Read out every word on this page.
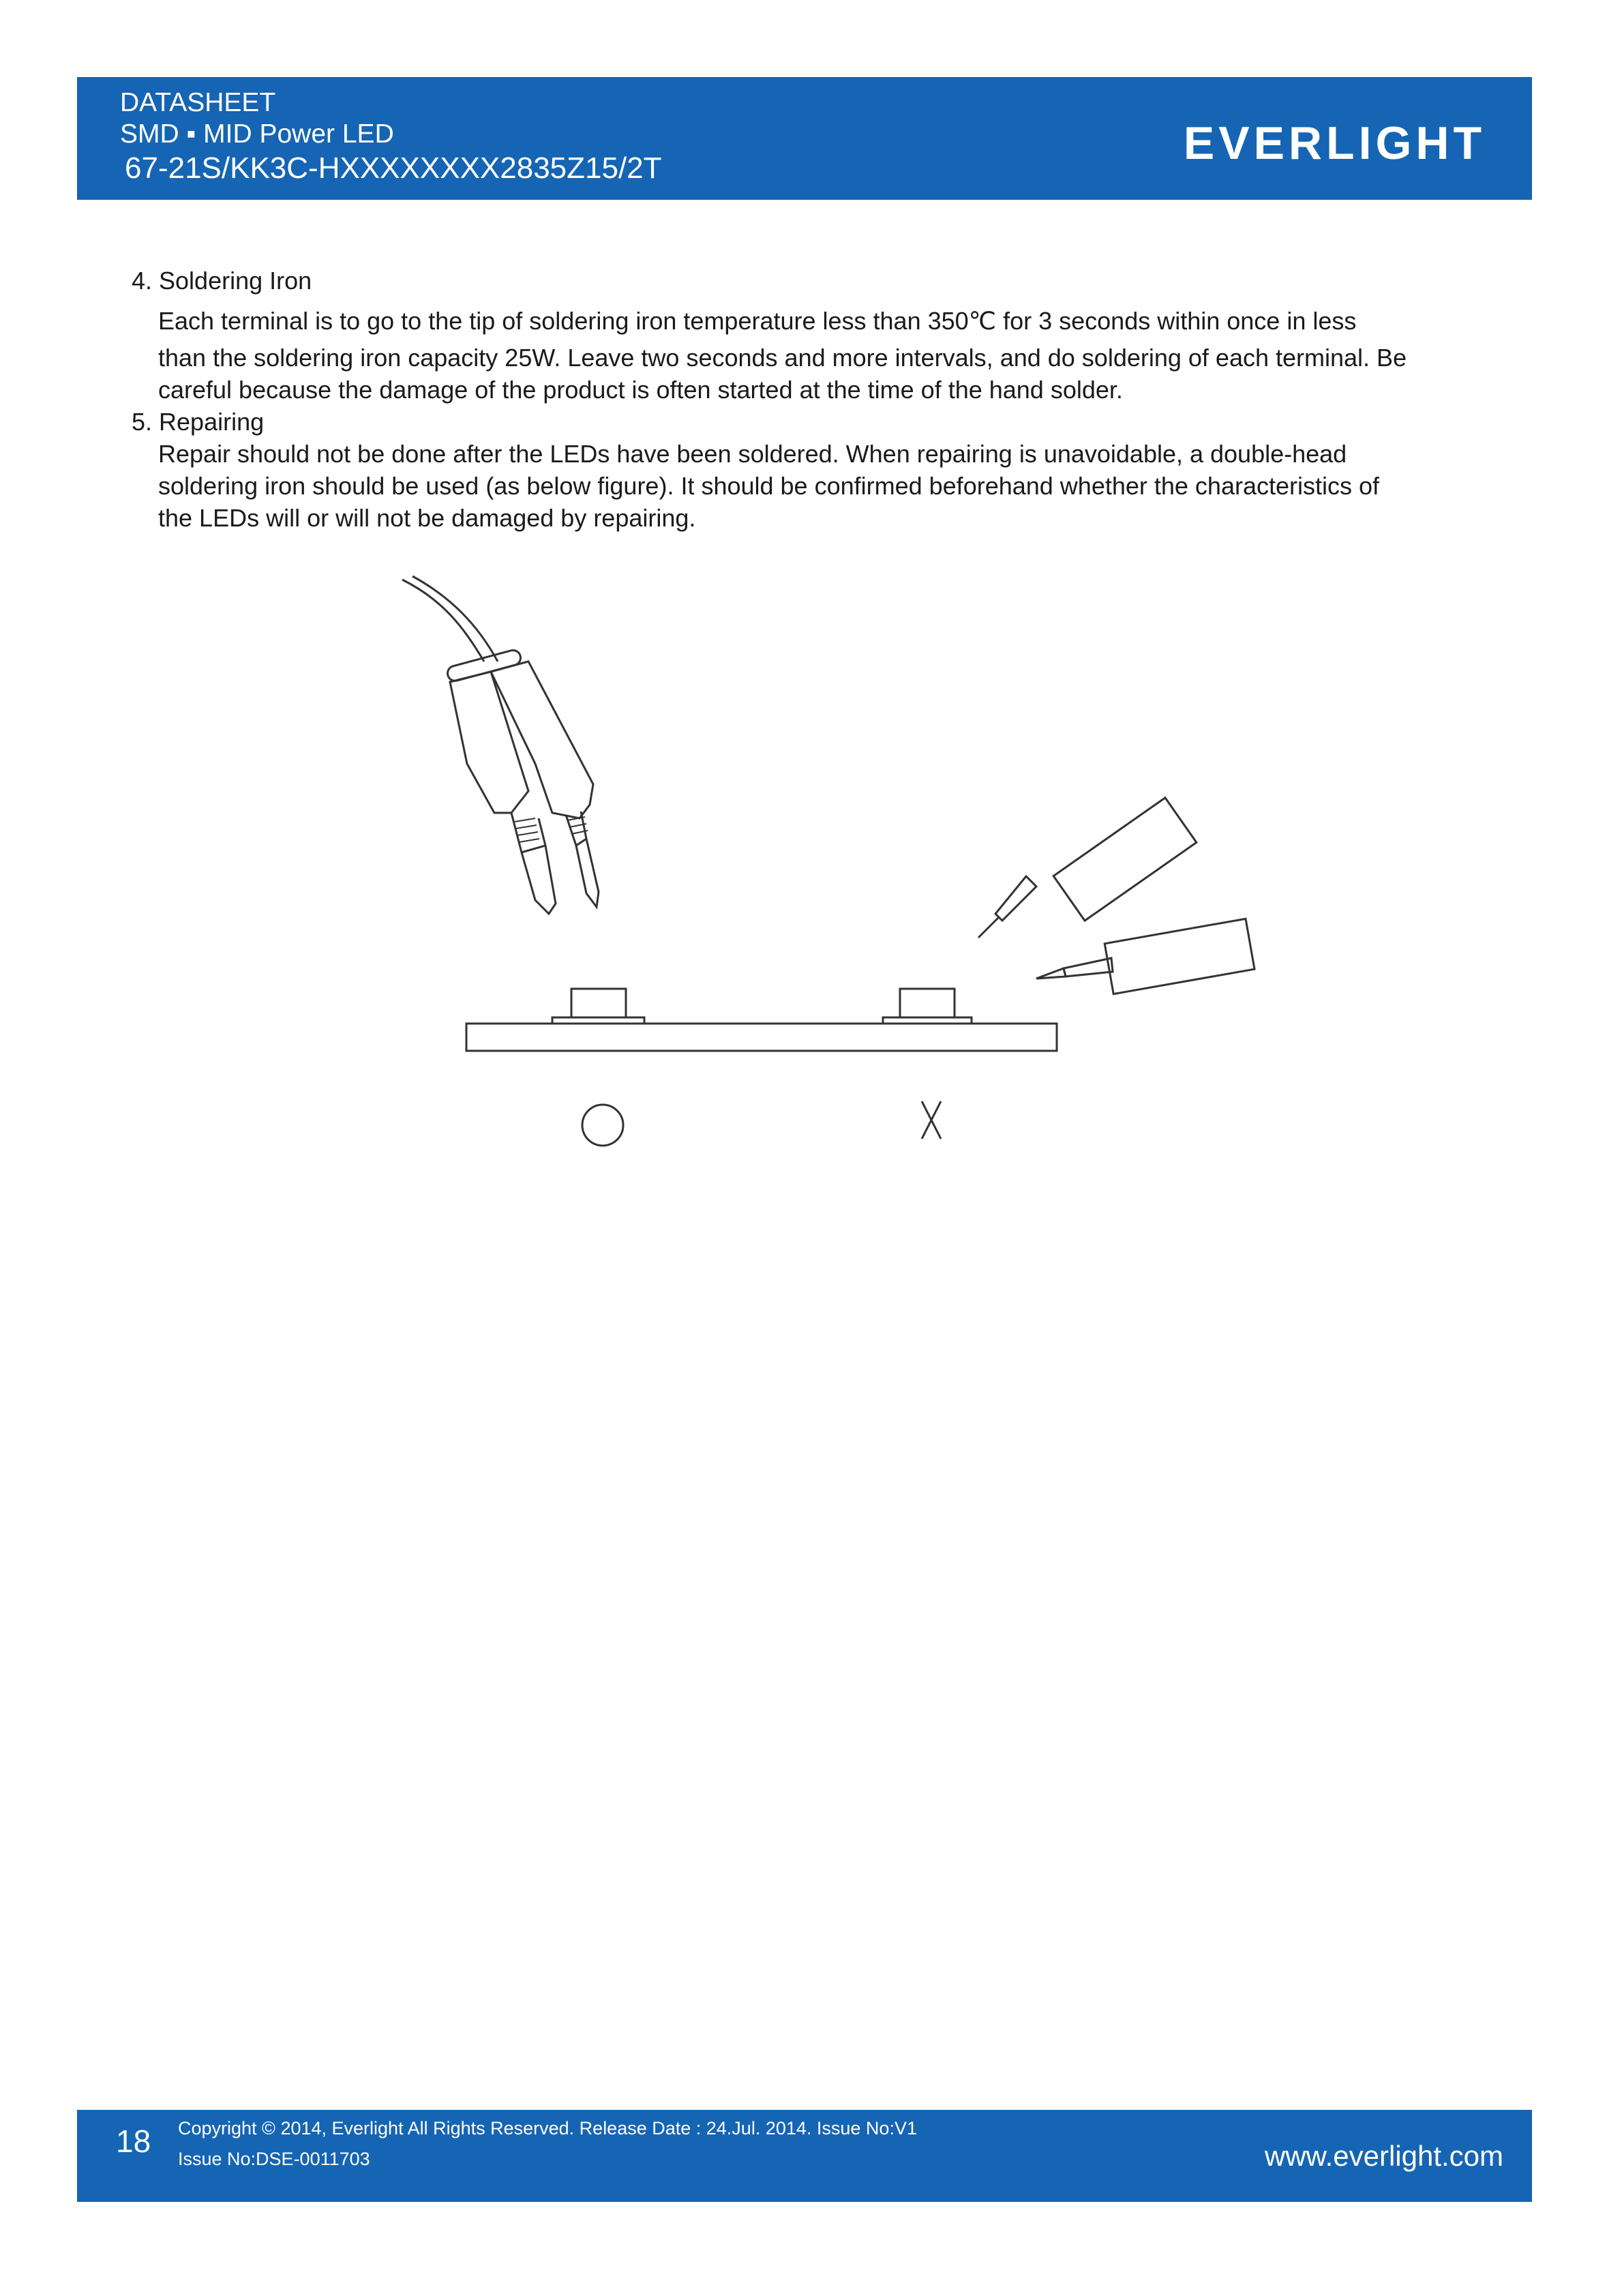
DATASHEET
SMD ▪ MID Power LED
67-21S/KK3C-HXXXXXXXX2835Z15/2T	EVERLIGHT
4. Soldering Iron
Each terminal is to go to the tip of soldering iron temperature less than 350℃ for 3 seconds within once in less
than the soldering iron capacity 25W. Leave two seconds and more intervals, and do soldering of each terminal. Be
careful because the damage of the product is often started at the time of the hand solder.
5. Repairing
Repair should not be done after the LEDs have been soldered. When repairing is unavoidable, a double-head
soldering iron should be used (as below figure). It should be confirmed beforehand whether the characteristics of
the LEDs will or will not be damaged by repairing.
○	X
18 Copyright © 2014, Everlight All Rights Reserved. Release Date : 24.Jul. 2014. Issue No:V1
Issue No:DSE-0011703	www.everlight.com
